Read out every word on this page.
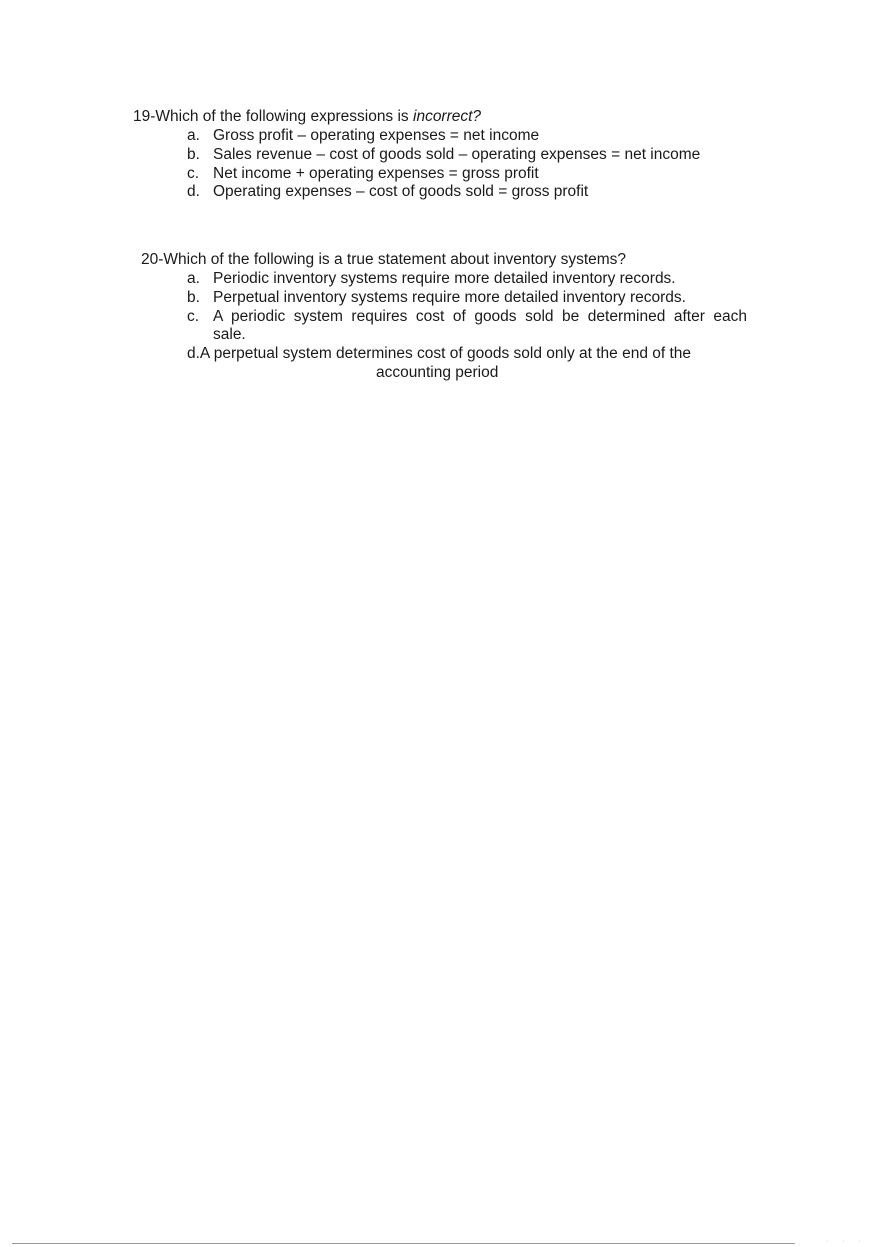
19-Which of the following expressions is incorrect?
a. Gross profit – operating expenses = net income
b. Sales revenue – cost of goods sold – operating expenses = net income
c. Net income + operating expenses = gross profit
d. Operating expenses – cost of goods sold = gross profit
20-Which of the following is a true statement about inventory systems?
a. Periodic inventory systems require more detailed inventory records.
b. Perpetual inventory systems require more detailed inventory records.
c. A periodic system requires cost of goods sold be determined after each
sale.
d.A perpetual system determines cost of goods sold only at the end of the
accounting period
· · ·
